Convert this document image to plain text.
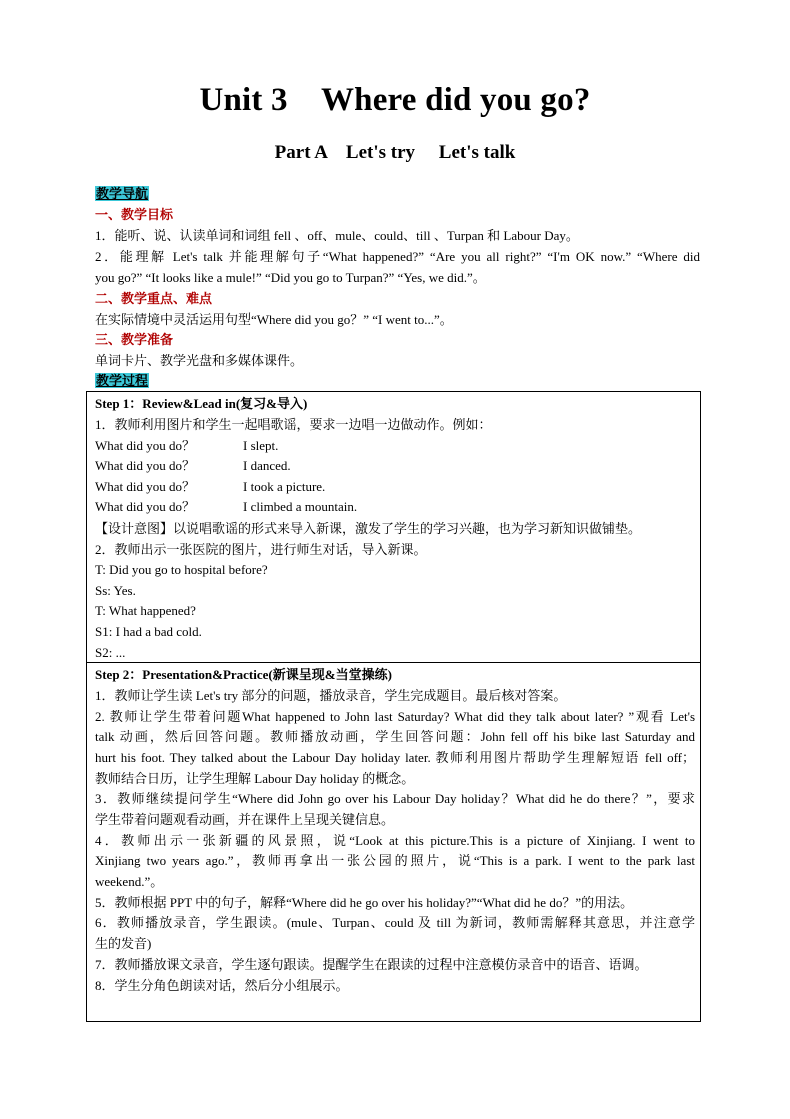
Unit 3    Where did you go?
Part A    Let's try     Let's talk
教学导航
一、教学目标
1．能听、说、认读单词和词组 fell 、off、mule、could、till 、Turpan 和 Labour Day。
2．能理解 Let's talk 并能理解句子“What happened?” “Are you all right?” “I'm OK now.” “Where did
you go?” “It looks like a mule!” “Did you go to Turpan?” “Yes, we did.”。
二、教学重点、难点
在实际情境中灵活运用句型“Where did you go？” “I went to...”。
三、教学准备
单词卡片、教学光盘和多媒体课件。
教学过程
Step 1：Review&Lead in(复习&导入)
1．教师利用图片和学生一起唱歌谣，要求一边唱一边做动作。例如：
What did you do？	I slept.
What did you do？	I danced.
What did you do？	I took a picture.
What did you do？	I climbed a mountain.
【设计意图】以说唱歌谣的形式来导入新课，激发了学生的学习兴趣，也为学习新知识做铺垫。
2．教师出示一张医院的图片，进行师生对话，导入新课。
T: Did you go to hospital before?
Ss: Yes.
T: What happened?
S1: I had a bad cold.
S2: ...
Step 2：Presentation&Practice(新课呈现&当堂操练)
1．教师让学生读 Let's try 部分的问题，播放录音，学生完成题目。最后核对答案。
2. 教师让学生带着问题What happened to John last Saturday? What did they talk about later? ”观看 Let's
talk 动画，然后回答问题。教师播放动画，学生回答问题：John fell off his bike last Saturday and
hurt his foot. They talked about the Labour Day holiday later. 教师利用图片帮助学生理解短语 fell off；
教师结合日历，让学生理解 Labour Day holiday 的概念。
3．教师继续提问学生“Where did John go over his Labour Day holiday？What did he do there？”，要求
学生带着问题观看动画，并在课件上呈现关键信息。
4．教师出示一张新疆的风景照，说“Look at this picture.This is a picture of Xinjiang. I went to
Xinjiang two years ago.”，教师再拿出一张公园的照片，说“This is a park. I went to the park last
weekend.”。
5．教师根据 PPT 中的句子，解释“Where did he go over his holiday?”“What did he do？”的用法。
6．教师播放录音，学生跟读。(mule、Turpan、could 及 till 为新词，教师需解释其意思，并注意学
生的发音)
7．教师播放课文录音，学生逐句跟读。提醒学生在跟读的过程中注意模仿录音中的语音、语调。
8．学生分角色朗读对话，然后分小组展示。
